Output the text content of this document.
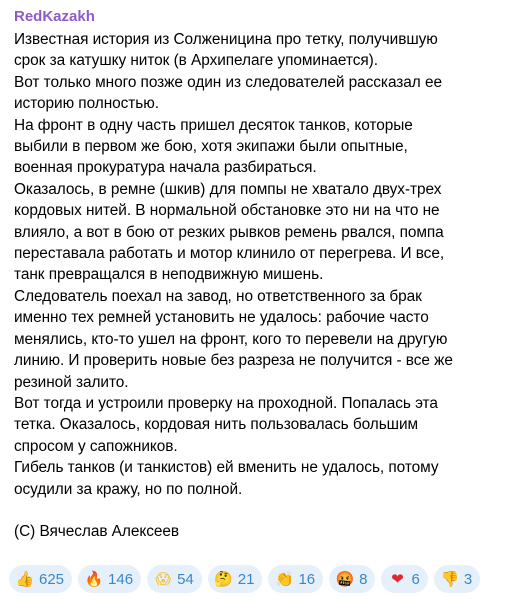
RedKazakh
Известная история из Солженицина про тетку, получившую
срок за катушку ниток (в Архипелаге упоминается).
Вот только много позже один из следователей рассказал ее
историю полностью.
На фронт в одну часть пришел десяток танков, которые
выбили в первом же бою, хотя экипажи были опытные,
военная прокуратура начала разбираться.
Оказалось, в ремне (шкив) для помпы не хватало двух-трех
кордовых нитей. В нормальной обстановке это ни на что не
влияло, а вот в бою от резких рывков ремень рвался, помпа
переставала работать и мотор клинило от перегрева. И все,
танк превращался в неподвижную мишень.
Следователь поехал на завод, но ответственного за брак
именно тех ремней установить не удалось: рабочие часто
менялись, кто-то ушел на фронт, кого то перевели на другую
линию. И проверить новые без разреза не получится - все же
резиной залито.
Вот тогда и устроили проверку на проходной. Попалась эта
тетка. Оказалось, кордовая нить пользовалась большим
спросом у сапожников.
Гибель танков (и танкистов) ей вменить не удалось, потому
осудили за кражу, но по полной.
(С) Вячеслав Алексеев
👍 625 🔥 146 😱 54 🤔 21 👏 16 🤬 8 ❤ 6 👎 3
